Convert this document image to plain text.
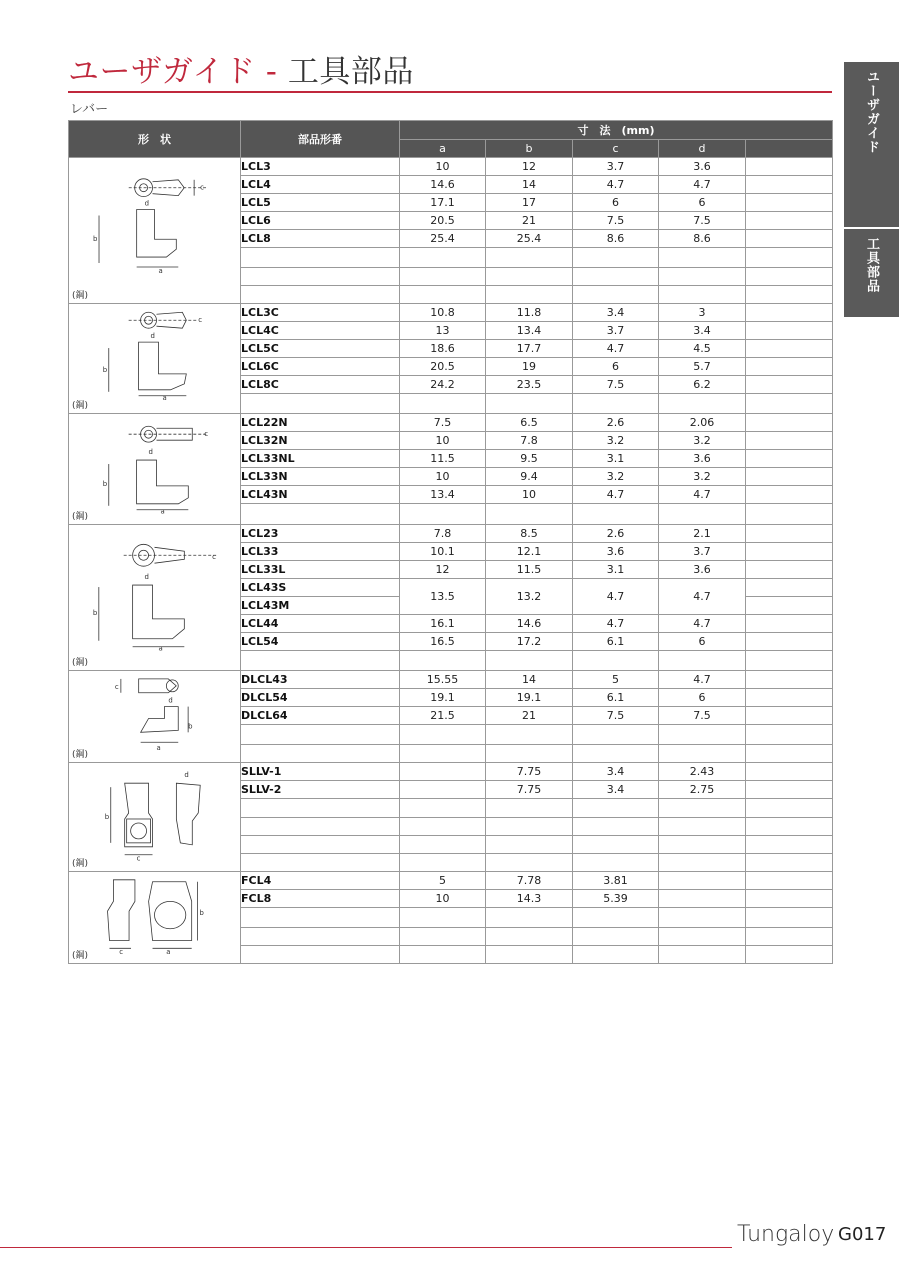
ユーザガイド - 工具部品
レバー	ユーザガイド
工具部品
形　状	部品形番	寸　法　(mm)				
		a	b	c	d	

d
c
b
a
(鋼)	LCL3	10	12	3.7	3.6	
	LCL4	14.6	14	4.7	4.7	
	LCL5	17.1	17	6	6	
	LCL6	20.5	21	7.5	7.5	
	LCL8	25.4	25.4	8.6	8.6	

d
c
b
a
(鋼)	LCL3C	10.8	11.8	3.4	3	
	LCL4C	13	13.4	3.7	3.4	
	LCL5C	18.6	17.7	4.7	4.5	
	LCL6C	20.5	19	6	5.7	
	LCL8C	24.2	23.5	7.5	6.2	

d
c
b
a
(鋼)	LCL22N	7.5	6.5	2.6	2.06	
	LCL32N	10	7.8	3.2	3.2	
	LCL33NL	11.5	9.5	3.1	3.6	
	LCL33N	10	9.4	3.2	3.2	
	LCL43N	13.4	10	4.7	4.7	

d
c
b
a
(鋼)	LCL23	7.8	8.5	2.6	2.1	
	LCL33	10.1	12.1	3.6	3.7	
	LCL33L	12	11.5	3.1	3.6	
	LCL43S	13.5	13.2	4.7	4.7	
	LCL43M					
	LCL44	16.1	14.6	4.7	4.7	
	LCL54	16.5	17.2	6.1	6	

c
d
b
a
(鋼)	DLCL43	15.55	14	5	4.7	
	DLCL54	19.1	19.1	6.1	6	
	DLCL64	21.5	21	7.5	7.5	

b
c
d
(鋼)	SLLV-1		7.75	3.4	2.43	
	SLLV-2		7.75	3.4	2.75	

b
c a
(鋼)	FCL4	5	7.78	3.81		
	FCL8	10	14.3	5.39		

Tungaloy G017
